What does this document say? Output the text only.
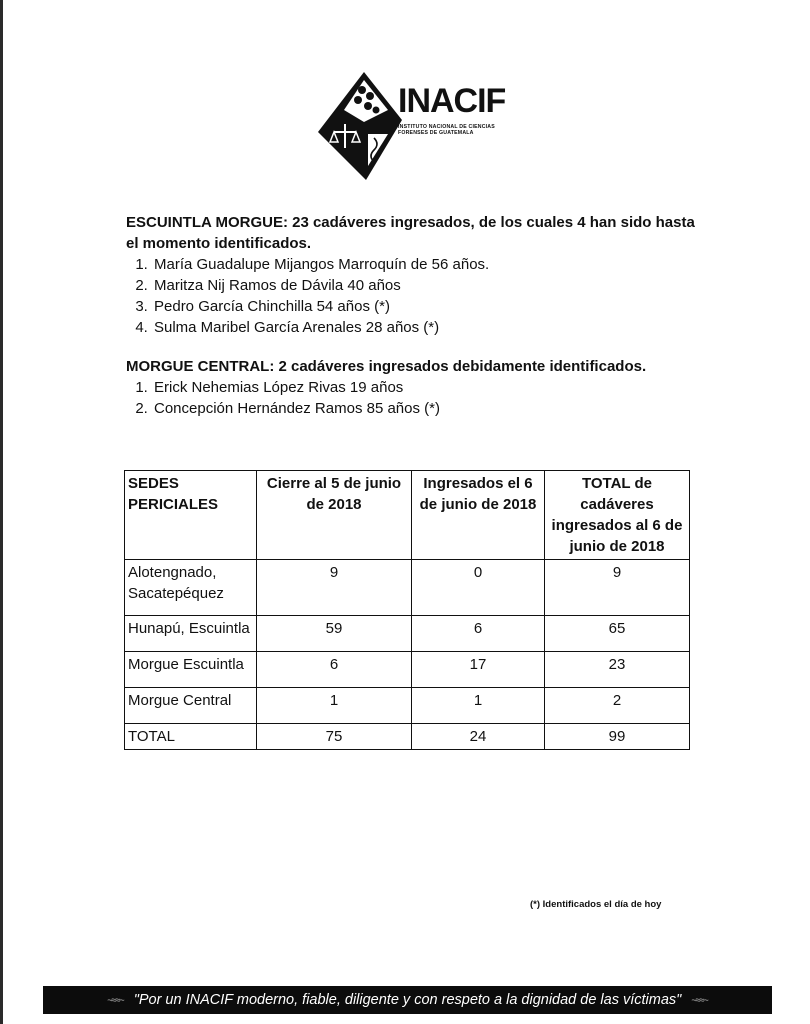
INACIF
INSTITUTO NACIONAL DE CIENCIAS FORENSES DE GUATEMALA
ESCUINTLA MORGUE: 23 cadáveres ingresados, de los cuales 4 han sido hasta el momento identificados.
1. María Guadalupe Mijangos Marroquín de 56 años.
2. Maritza Nij Ramos de Dávila 40 años
3. Pedro García Chinchilla 54 años (*)
4. Sulma Maribel García Arenales 28 años (*)
MORGUE CENTRAL: 2 cadáveres ingresados debidamente identificados.
1. Erick Nehemias López Rivas 19 años
2. Concepción Hernández Ramos 85 años (*)
SEDES PERICIALES	Cierre al 5 de junio de 2018	Ingresados el 6 de junio de 2018	TOTAL de cadáveres ingresados al 6 de junio de 2018
Alotengnado, Sacatepéquez	9	0	9
Hunapú, Escuintla	59	6	65
Morgue Escuintla	6	17	23
Morgue Central	1	1	2
TOTAL	75	24	99
(*) Identificados el día de hoy
~≈≈~ "Por un INACIF moderno, fiable, diligente y con respeto a la dignidad de las víctimas" ~≈≈~
